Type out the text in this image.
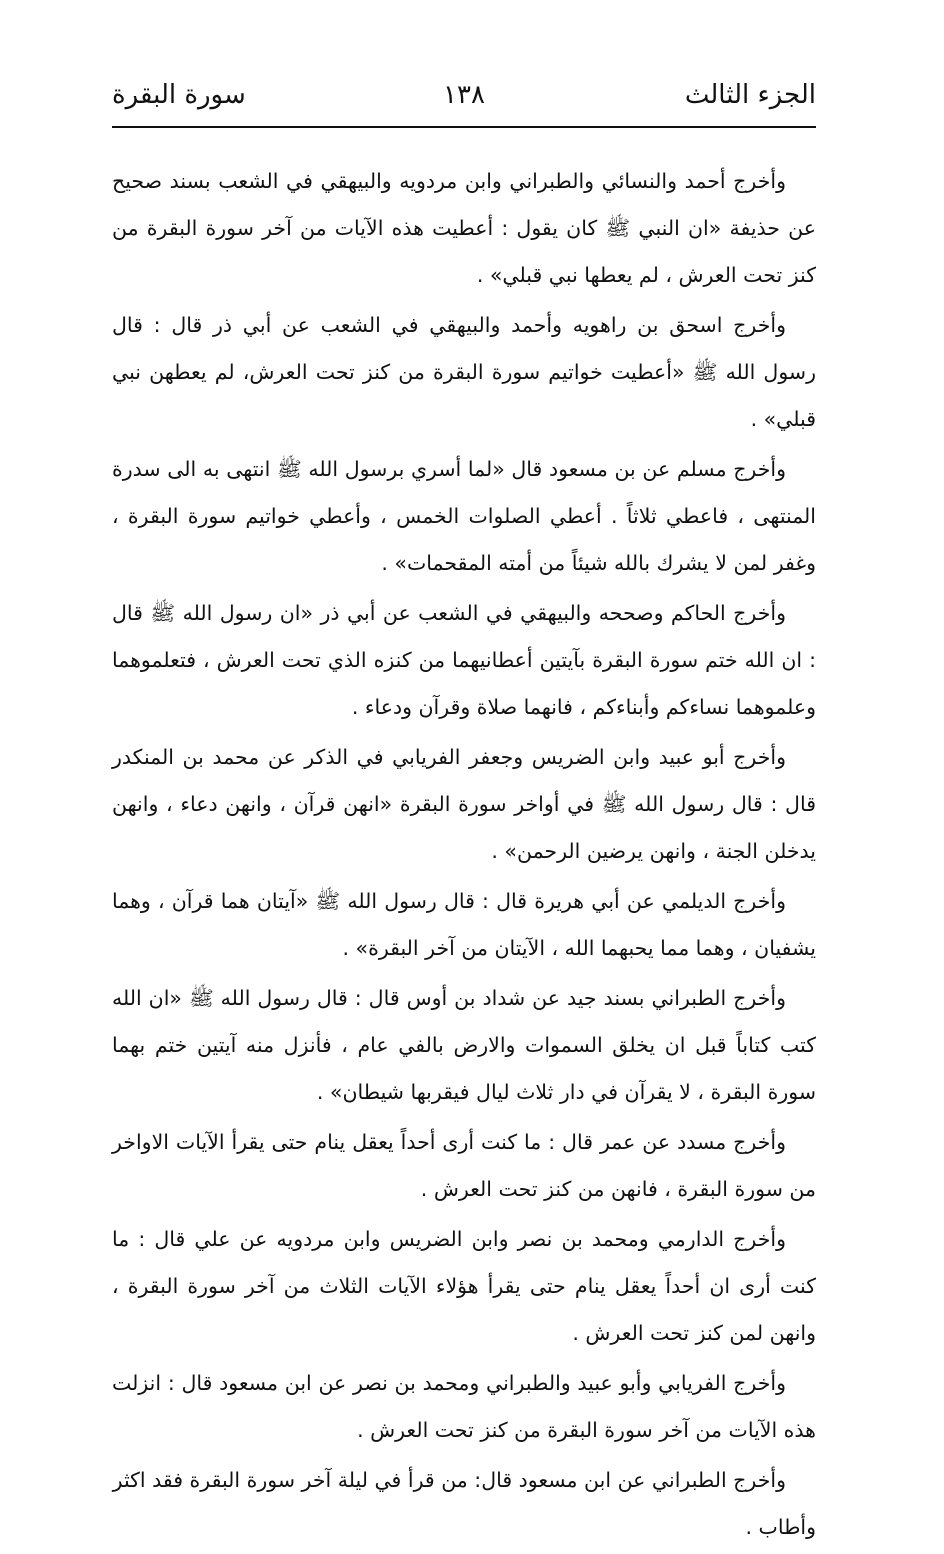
الجزء الثالث
١٣٨
سورة البقرة

وأخرج أحمد والنسائي والطبراني وابن مردويه والبيهقي في الشعب بسند صحيح عن حذيفة «ان النبي ﷺ كان يقول : أعطيت هذه الآيات من آخر سورة البقرة من كنز تحت العرش ، لم يعطها نبي قبلي» .

وأخرج اسحق بن راهويه وأحمد والبيهقي في الشعب عن أبي ذر قال : قال رسول الله ﷺ «أعطيت خواتيم سورة البقرة من كنز تحت العرش، لم يعطهن نبي قبلي» .

وأخرج مسلم عن بن مسعود قال «لما أسري برسول الله ﷺ انتهى به الى سدرة المنتهى ، فاعطي ثلاثاً . أعطي الصلوات الخمس ، وأعطي خواتيم سورة البقرة ، وغفر لمن لا يشرك بالله شيئاً من أمته المقحمات» .

وأخرج الحاكم وصححه والبيهقي في الشعب عن أبي ذر «ان رسول الله ﷺ قال : ان الله ختم سورة البقرة بآيتين أعطانيهما من كنزه الذي تحت العرش ، فتعلموهما وعلموهما نساءكم وأبناءكم ، فانهما صلاة وقرآن ودعاء .

وأخرج أبو عبيد وابن الضريس وجعفر الفريابي في الذكر عن محمد بن المنكدر قال : قال رسول الله ﷺ في أواخر سورة البقرة «انهن قرآن ، وانهن دعاء ، وانهن يدخلن الجنة ، وانهن يرضين الرحمن» .

وأخرج الديلمي عن أبي هريرة قال : قال رسول الله ﷺ «آيتان هما قرآن ، وهما يشفيان ، وهما مما يحبهما الله ، الآيتان من آخر البقرة» .

وأخرج الطبراني بسند جيد عن شداد بن أوس قال : قال رسول الله ﷺ «ان الله كتب كتاباً قبل ان يخلق السموات والارض بالفي عام ، فأنزل منه آيتين ختم بهما سورة البقرة ، لا يقرآن في دار ثلاث ليال فيقربها شيطان» .

وأخرج مسدد عن عمر قال : ما كنت أرى أحداً يعقل ينام حتى يقرأ الآيات الاواخر من سورة البقرة ، فانهن من كنز تحت العرش .

وأخرج الدارمي ومحمد بن نصر وابن الضريس وابن مردويه عن علي قال : ما كنت أرى ان أحداً يعقل ينام حتى يقرأ هؤلاء الآيات الثلاث من آخر سورة البقرة ، وانهن لمن كنز تحت العرش .

وأخرج الفريابي وأبو عبيد والطبراني ومحمد بن نصر عن ابن مسعود قال : انزلت هذه الآيات من آخر سورة البقرة من كنز تحت العرش .

وأخرج الطبراني عن ابن مسعود قال: من قرأ في ليلة آخر سورة البقرة فقد اكثر وأطاب .
